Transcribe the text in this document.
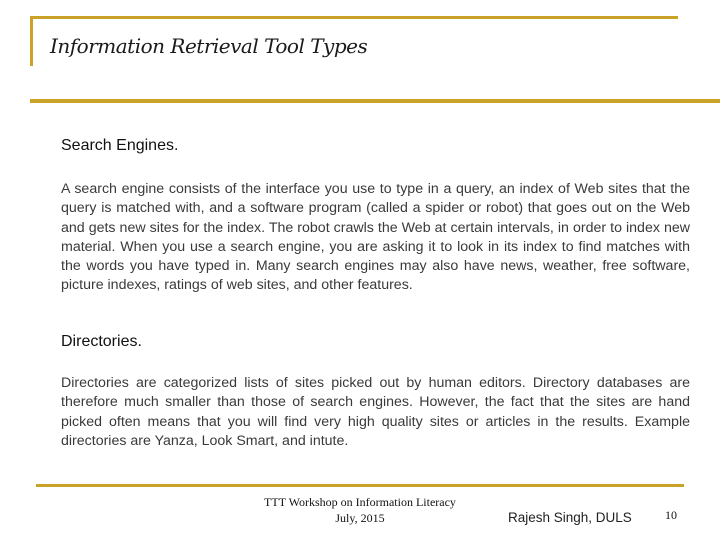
Information Retrieval Tool Types
Search Engines.

A search engine consists of the interface you use to type in a query, an index of Web sites that the query is matched with, and a software program (called a spider or robot) that goes out on the Web and gets new sites for the index. The robot crawls the Web at certain intervals, in order to index new material. When you use a search engine, you are asking it to look in its index to find matches with the words you have typed in. Many search engines may also have news, weather, free software, picture indexes, ratings of web sites, and other features.

Directories.

Directories are categorized lists of sites picked out by human editors. Directory databases are therefore much smaller than those of search engines. However, the fact that the sites are hand picked often means that you will find very high quality sites or articles in the results. Example directories are Yanza, Look Smart, and intute.

TTT Workshop on Information Literacy
July, 2015	Rajesh Singh, DULS	10
